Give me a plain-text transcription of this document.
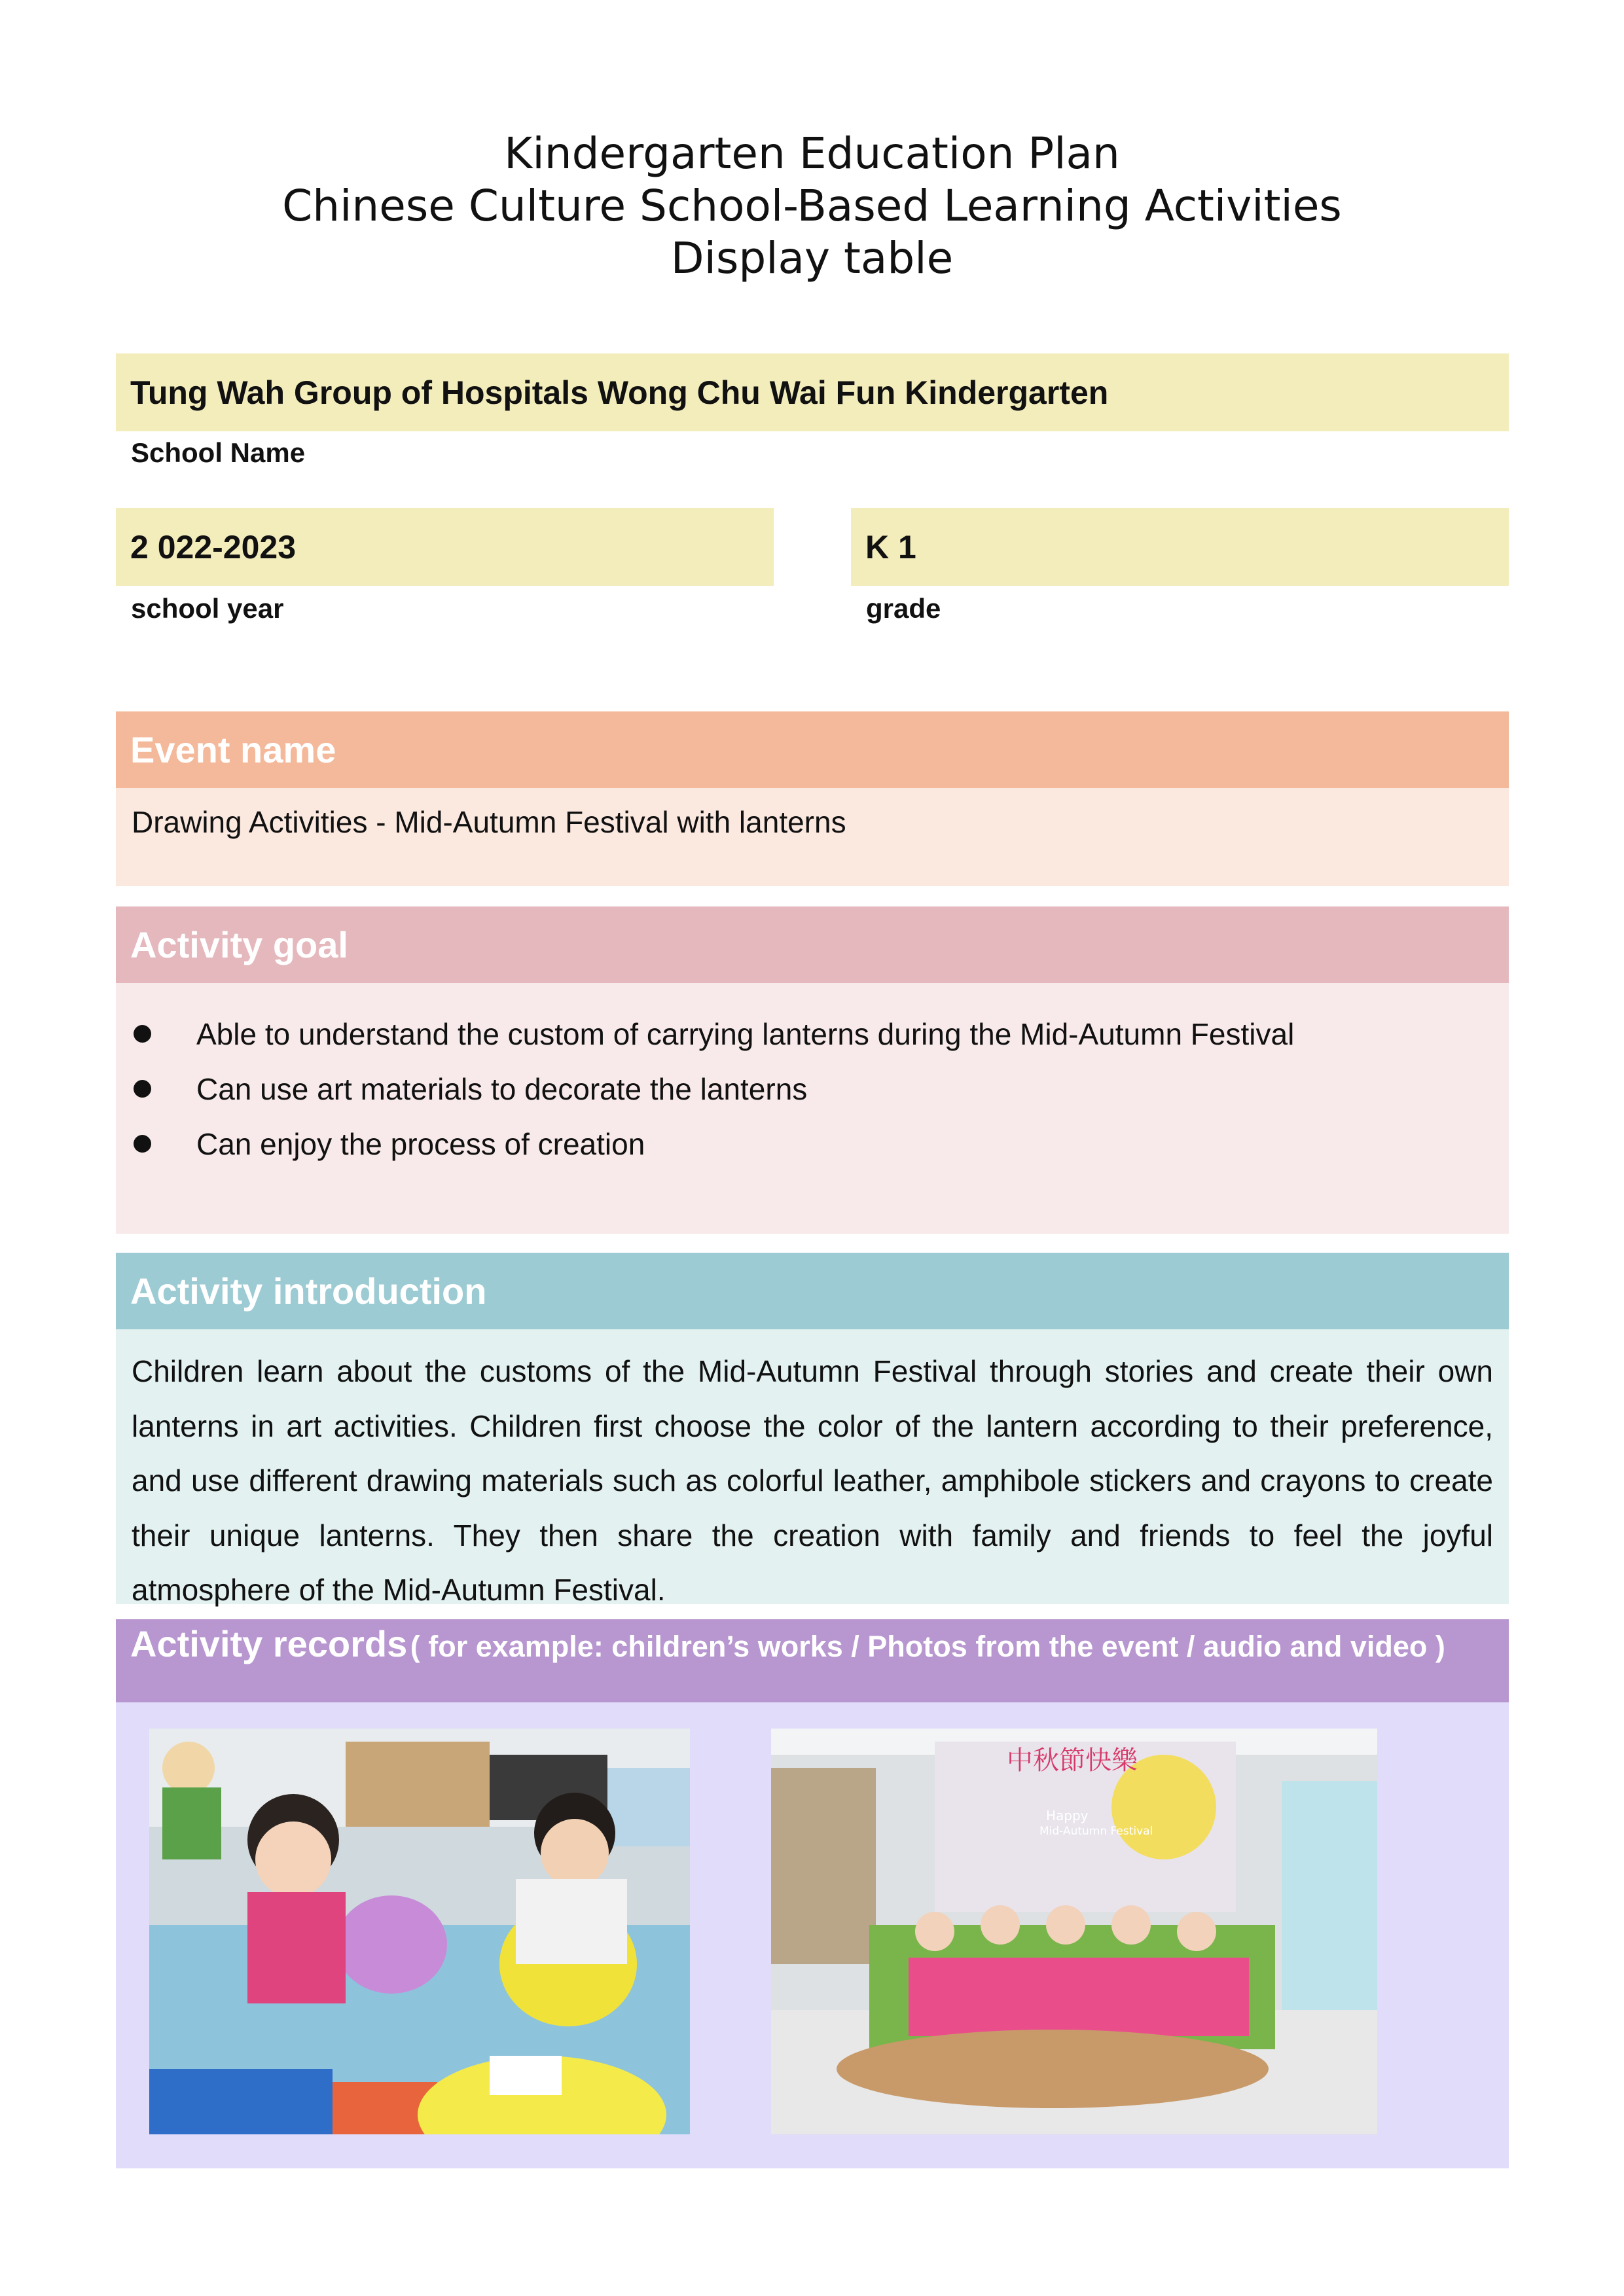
Kindergarten Education Plan
Chinese Culture School-Based Learning Activities
Display table
Tung Wah Group of Hospitals Wong Chu Wai Fun Kindergarten
School Name
2 022-2023
school year
K 1
grade
Event name
Drawing Activities - Mid-Autumn Festival with lanterns
Activity goal
Able to understand the custom of carrying lanterns during the Mid-Autumn Festival
Can use art materials to decorate the lanterns
Can enjoy the process of creation
Activity introduction
Children learn about the customs of the Mid-Autumn Festival through stories and create their own lanterns in art activities. Children first choose the color of the lantern according to their preference, and use different drawing materials such as colorful leather, amphibole stickers and crayons to create their unique lanterns. They then share the creation with family and friends to feel the joyful atmosphere of the Mid-Autumn Festival.
Activity records ( for example: children’s works / Photos from the event / audio and video )
中秋節快樂
Happy
Mid-Autumn Festival
